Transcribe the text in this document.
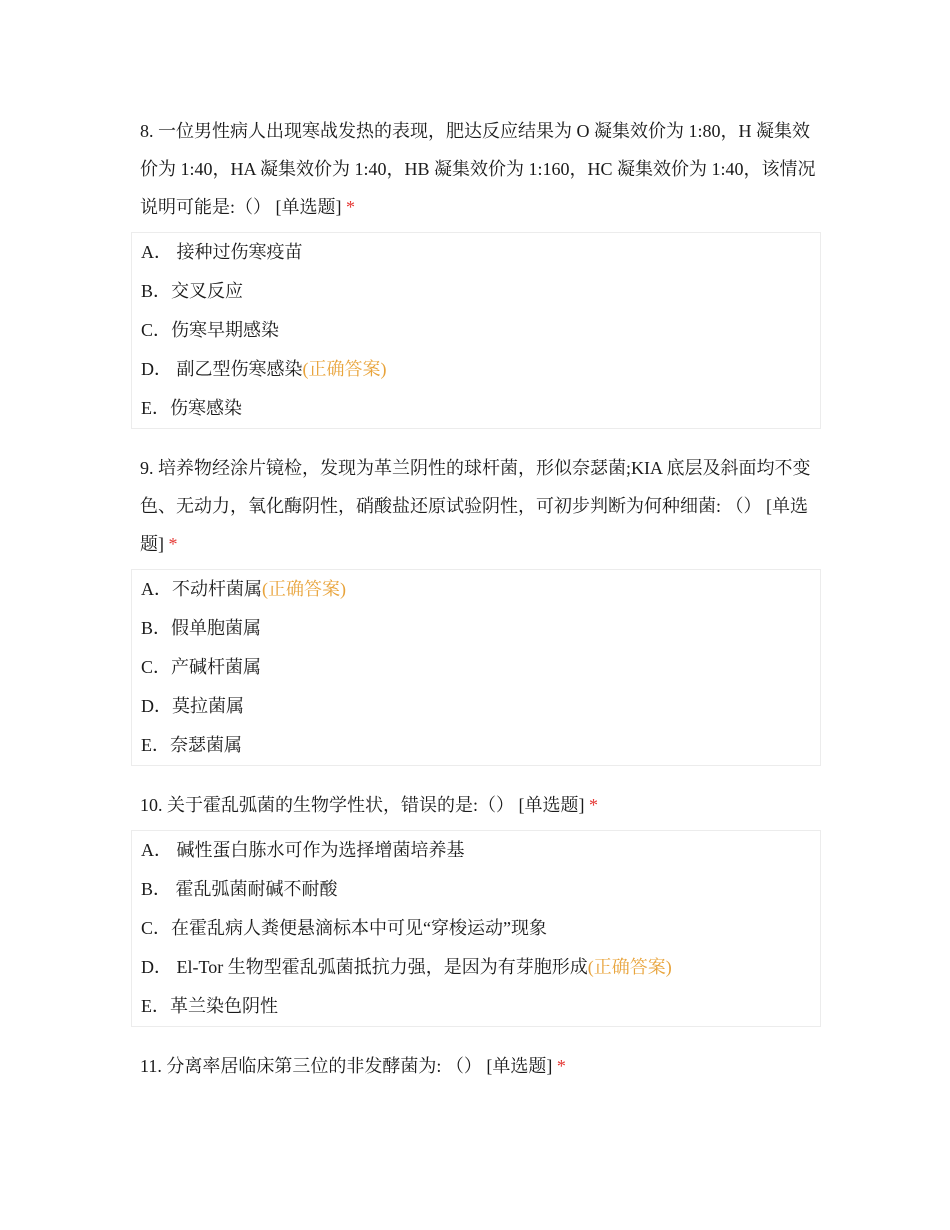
8. 一位男性病人出现寒战发热的表现，肥达反应结果为 O 凝集效价为 1:80，H 凝集效价为 1:40，HA 凝集效价为 1:40，HB 凝集效价为 1:160，HC 凝集效价为 1:40，该情况说明可能是:（） [单选题] *

A． 接种过伤寒疫苗
B．交叉反应
C．伤寒早期感染
D． 副乙型伤寒感染(正确答案)
E．伤寒感染

9. 培养物经涂片镜检，发现为革兰阴性的球杆菌，形似奈瑟菌;KIA 底层及斜面均不变色、无动力，氧化酶阴性，硝酸盐还原试验阴性，可初步判断为何种细菌: （） [单选题] *

A．不动杆菌属(正确答案)
B．假单胞菌属
C．产碱杆菌属
D．莫拉菌属
E．奈瑟菌属

10. 关于霍乱弧菌的生物学性状，错误的是:（） [单选题] *

A． 碱性蛋白胨水可作为选择增菌培养基
B． 霍乱弧菌耐碱不耐酸
C．在霍乱病人粪便悬滴标本中可见“穿梭运动”现象
D． El-Tor 生物型霍乱弧菌抵抗力强，是因为有芽胞形成(正确答案)
E．革兰染色阴性

11. 分离率居临床第三位的非发酵菌为: （） [单选题] *
